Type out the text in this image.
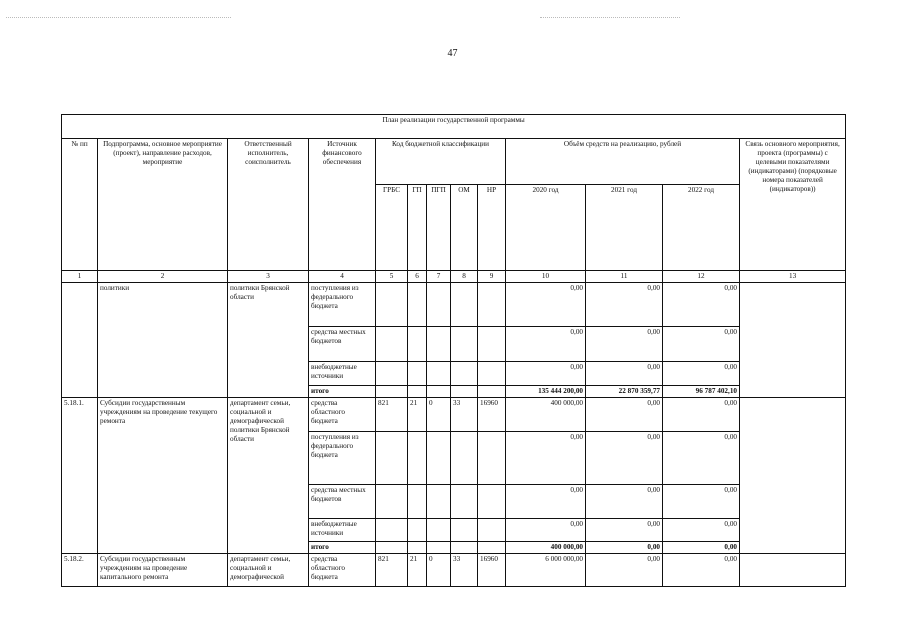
47
План реализации государственной программы												
№ пп	Подпрограмма, основное мероприятие (проект), направление расходов, мероприятие	Ответственный исполнитель, соисполнитель	Источник финансового обеспечения	Код бюджетной классификации					Объём средств на реализацию, рублей			Связь основного мероприятия, проекта (программы) с целевыми показателями (индикаторами) (порядковые номера показателей (индикаторов))
				ГРБС	ГП	ПГП	ОМ	НР	2020 год	2021 год	2022 год	
1	2	3	4	5	6	7	8	9	10	11	12	13
	политики	политики Брянской области	поступления из федерального бюджета						0,00	0,00	0,00	
			средства местных бюджетов						0,00	0,00	0,00	
			внебюджетные источники						0,00	0,00	0,00	
			итого						135 444 200,00	22 870 359,77	96 787 402,10	
5.18.1.	Субсидии государственным учреждениям на проведение текущего ремонта	департамент семьи, социальной и демографической политики Брянской области	средства областного бюджета	821	21	0	33	16960	400 000,00	0,00	0,00	
			поступления из федерального бюджета						0,00	0,00	0,00	
			средства местных бюджетов						0,00	0,00	0,00	
			внебюджетные источники						0,00	0,00	0,00	
			итого						400 000,00	0,00	0,00	
5.18.2.	Субсидии государственным учреждениям на проведение капитального ремонта	департамент семьи, социальной и демографической	средства областного бюджета	821	21	0	33	16960	6 000 000,00	0,00	0,00	
